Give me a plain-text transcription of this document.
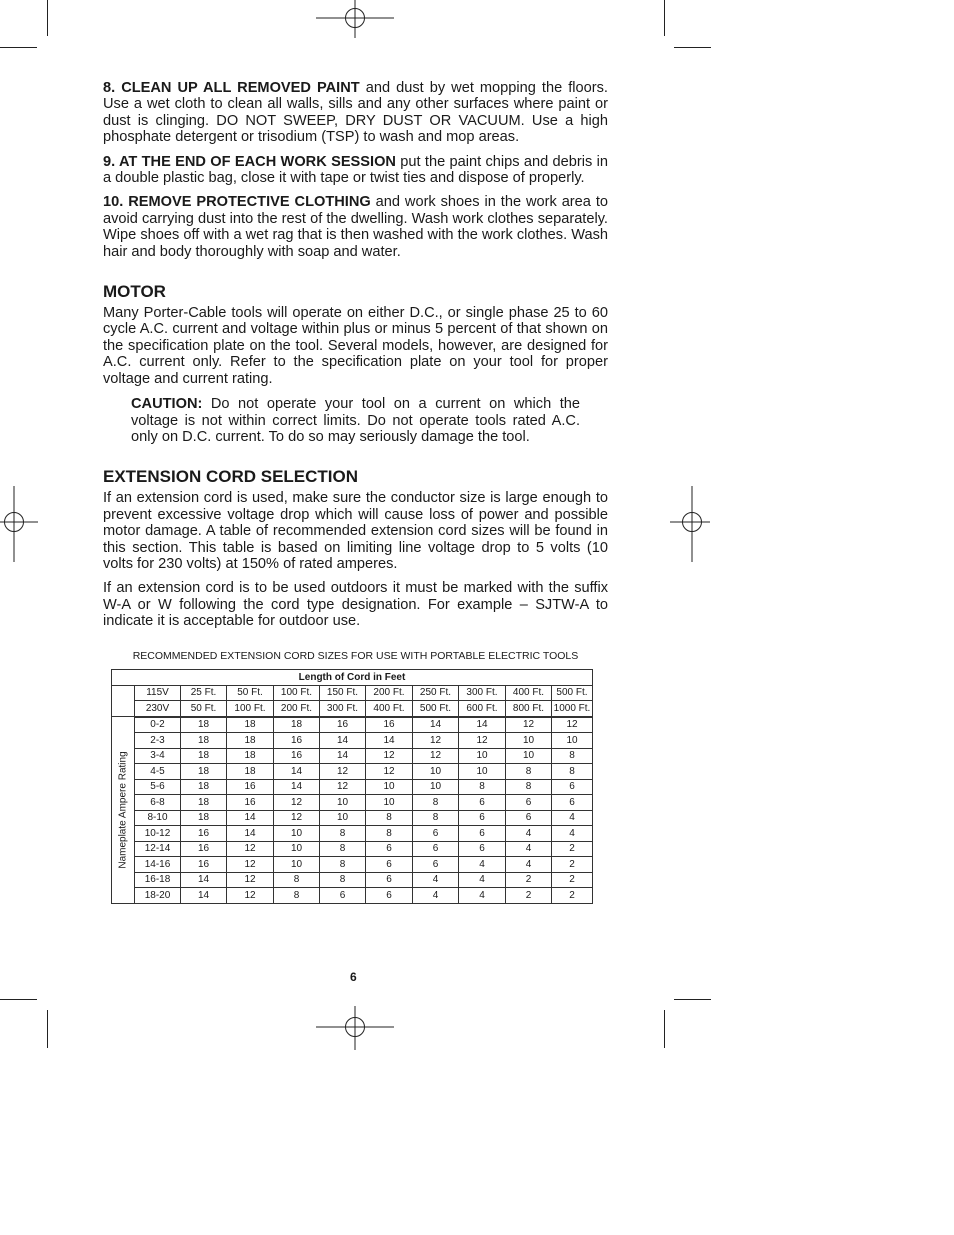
8. CLEAN UP ALL REMOVED PAINT and dust by wet mopping the floors. Use a wet cloth to clean all walls, sills and any other surfaces where paint or dust is clinging. DO NOT SWEEP, DRY DUST OR VACUUM. Use a high phosphate detergent or trisodium (TSP) to wash and mop areas.

9. AT THE END OF EACH WORK SESSION put the paint chips and debris in a double plastic bag, close it with tape or twist ties and dispose of properly.

10. REMOVE PROTECTIVE CLOTHING and work shoes in the work area to avoid carrying dust into the rest of the dwelling. Wash work clothes separately. Wipe shoes off with a wet rag that is then washed with the work clothes. Wash hair and body thoroughly with soap and water.

MOTOR

Many Porter-Cable tools will operate on either D.C., or single phase 25 to 60 cycle A.C. current and voltage within plus or minus 5 percent of that shown on the specification plate on the tool. Several models, however, are designed for A.C. current only. Refer to the specification plate on your tool for proper voltage and current rating.

CAUTION: Do not operate your tool on a current on which the voltage is not within correct limits. Do not operate tools rated A.C. only on D.C. current. To do so may seriously damage the tool.

EXTENSION CORD SELECTION

If an extension cord is used, make sure the conductor size is large enough to prevent excessive voltage drop which will cause loss of power and possible motor damage. A table of recommended extension cord sizes will be found in this section. This table is based on limiting line voltage drop to 5 volts (10 volts for 230 volts) at 150% of rated amperes.

If an extension cord is to be used outdoors it must be marked with the suffix W-A or W following the cord type designation. For example – SJTW-A to indicate it is acceptable for outdoor use.

RECOMMENDED EXTENSION CORD SIZES FOR USE WITH PORTABLE ELECTRIC TOOLS
Length of Cord in Feet										
	115V	25 Ft.	50 Ft.	100 Ft.	150 Ft.	200 Ft.	250 Ft.	300 Ft.	400 Ft.	500 Ft.
	230V	50 Ft.	100 Ft.	200 Ft.	300 Ft.	400 Ft.	500 Ft.	600 Ft.	800 Ft.	1000 Ft.

Nameplate Ampere Rating	0-2	18	18	18	16	16	14	14	12	12
	2-3	18	18	16	14	14	12	12	10	10
	3-4	18	18	16	14	12	12	10	10	8
	4-5	18	18	14	12	12	10	10	8	8
	5-6	18	16	14	12	10	10	8	8	6
	6-8	18	16	12	10	10	8	6	6	6
	8-10	18	14	12	10	8	8	6	6	4
	10-12	16	14	10	8	8	6	6	4	4
	12-14	16	12	10	8	6	6	6	4	2
	14-16	16	12	10	8	6	6	4	4	2
	16-18	14	12	8	8	6	4	4	2	2
	18-20	14	12	8	6	6	4	4	2	2
6
